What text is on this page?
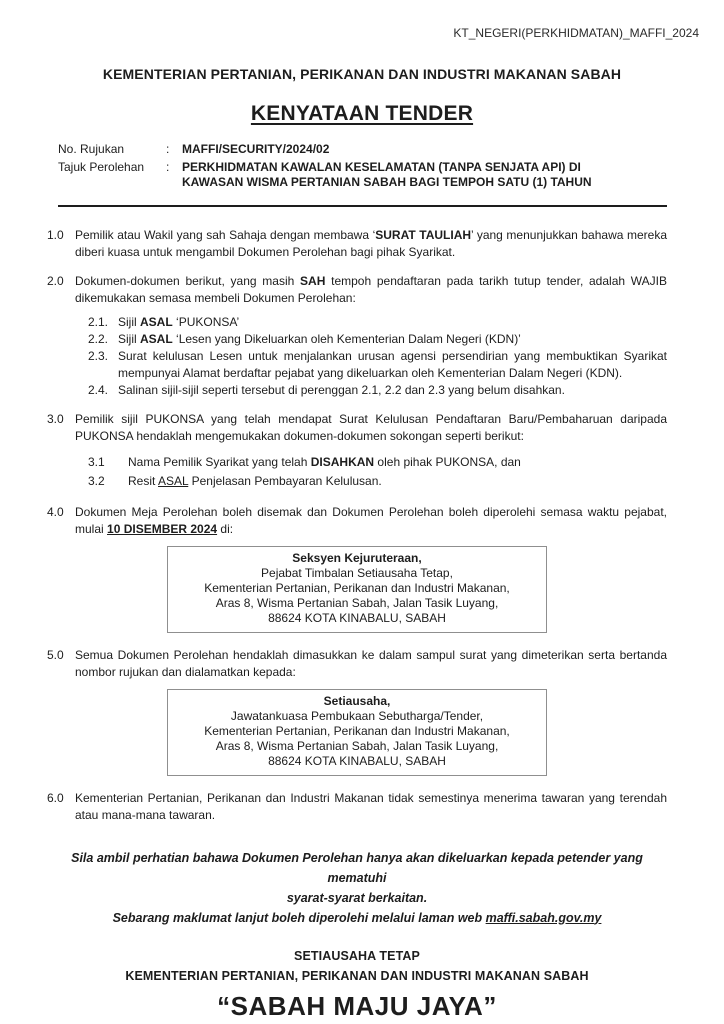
KT_NEGERI(PERKHIDMATAN)_MAFFI_2024
KEMENTERIAN PERTANIAN, PERIKANAN DAN INDUSTRI MAKANAN SABAH
KENYATAAN TENDER
No. Rujukan	:	MAFFI/SECURITY/2024/02
Tajuk Perolehan	:	PERKHIDMATAN KAWALAN KESELAMATAN (TANPA SENJATA API) DI
KAWASAN WISMA PERTANIAN SABAH BAGI TEMPOH SATU (1) TAHUN
1.0 Pemilik atau Wakil yang sah Sahaja dengan membawa ‘SURAT TAULIAH’ yang menunjukkan bahawa mereka diberi kuasa untuk mengambil Dokumen Perolehan bagi pihak Syarikat.
2.0 Dokumen-dokumen berikut, yang masih SAH tempoh pendaftaran pada tarikh tutup tender, adalah WAJIB dikemukakan semasa membeli Dokumen Perolehan:
2.1. Sijil ASAL ‘PUKONSA’
2.2. Sijil ASAL ‘Lesen yang Dikeluarkan oleh Kementerian Dalam Negeri (KDN)’
2.3. Surat kelulusan Lesen untuk menjalankan urusan agensi persendirian yang membuktikan Syarikat mempunyai Alamat berdaftar pejabat yang dikeluarkan oleh Kementerian Dalam Negeri (KDN).
2.4. Salinan sijil-sijil seperti tersebut di perenggan 2.1, 2.2 dan 2.3 yang belum disahkan.
3.0 Pemilik sijil PUKONSA yang telah mendapat Surat Kelulusan Pendaftaran Baru/Pembaharuan daripada PUKONSA hendaklah mengemukakan dokumen-dokumen sokongan seperti berikut:
3.1	Nama Pemilik Syarikat yang telah DISAHKAN oleh pihak PUKONSA, dan
3.2	Resit ASAL Penjelasan Pembayaran Kelulusan.
4.0 Dokumen Meja Perolehan boleh disemak dan Dokumen Perolehan boleh diperolehi semasa waktu pejabat, mulai 10 DISEMBER 2024 di:
Seksyen Kejuruteraan,
Pejabat Timbalan Setiausaha Tetap,
Kementerian Pertanian, Perikanan dan Industri Makanan,
Aras 8, Wisma Pertanian Sabah, Jalan Tasik Luyang,
88624 KOTA KINABALU, SABAH
5.0 Semua Dokumen Perolehan hendaklah dimasukkan ke dalam sampul surat yang dimeterikan serta bertanda nombor rujukan dan dialamatkan kepada:
Setiausaha,
Jawatankuasa Pembukaan Sebutharga/Tender,
Kementerian Pertanian, Perikanan dan Industri Makanan,
Aras 8, Wisma Pertanian Sabah, Jalan Tasik Luyang,
88624 KOTA KINABALU, SABAH
6.0 Kementerian Pertanian, Perikanan dan Industri Makanan tidak semestinya menerima tawaran yang terendah atau mana-mana tawaran.
Sila ambil perhatian bahawa Dokumen Perolehan hanya akan dikeluarkan kepada petender yang mematuhi
syarat-syarat berkaitan.
Sebarang maklumat lanjut boleh diperolehi melalui laman web maffi.sabah.gov.my
SETIAUSAHA TETAP
KEMENTERIAN PERTANIAN, PERIKANAN DAN INDUSTRI MAKANAN SABAH
“SABAH MAJU JAYA”
